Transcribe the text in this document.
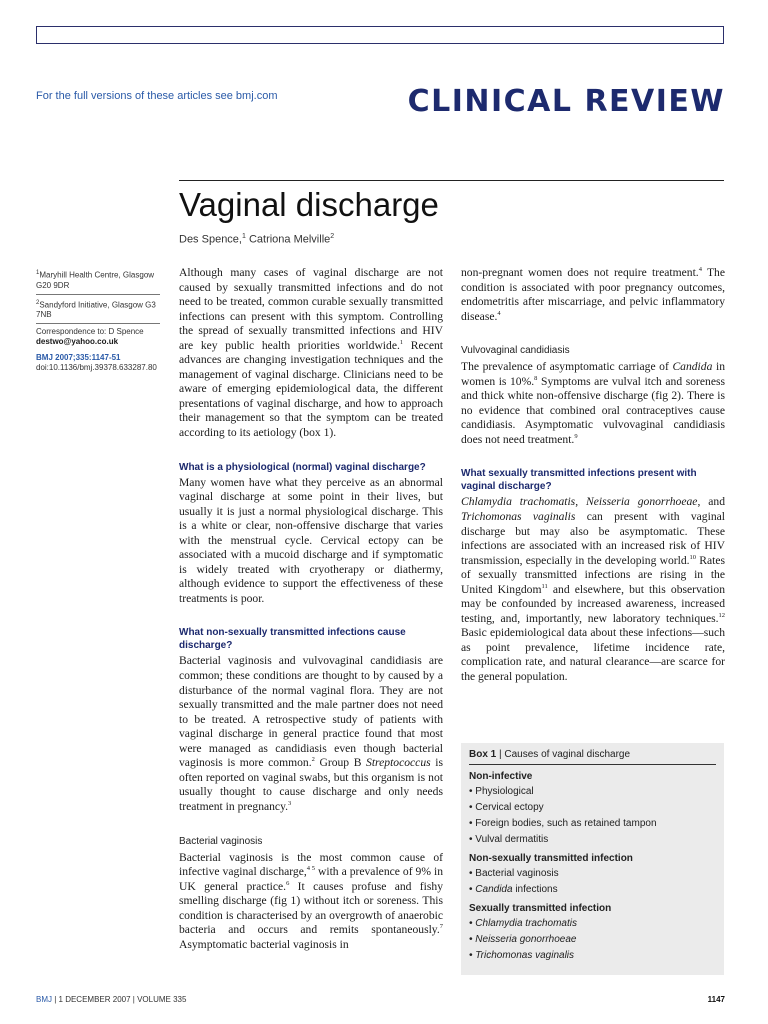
For the full versions of these articles see bmj.com	CLINICAL REVIEW
Vaginal discharge
Des Spence,$^1$ Catriona Melville$^2$
$^1$Maryhill Health Centre, Glasgow G20 9DR
$^2$Sandyford Initiative, Glasgow G3 7NB
Correspondence to: D Spence
destwo@yahoo.co.uk
BMJ 2007;335:1147-51
doi:10.1136/bmj.39378.633287.80

Although many cases of vaginal discharge are not caused by sexually transmitted infections and do not need to be treated, common curable sexually transmitted infections can present with this symptom. Controlling the spread of sexually transmitted infections and HIV are key public health priorities worldwide.$^1$ Recent advances are changing investigation techniques and the management of vaginal discharge. Clinicians need to be aware of emerging epidemiological data, the different presentations of vaginal discharge, and how to approach their management so that the symptom can be treated according to its aetiology (box 1).

What is a physiological (normal) vaginal discharge?

Many women have what they perceive as an abnormal vaginal discharge at some point in their lives, but usually it is just a normal physiological discharge. This is a white or clear, non-offensive discharge that varies with the menstrual cycle. Cervical ectopy can be associated with a mucoid discharge and if symptomatic is widely treated with cryotherapy or diathermy, although evidence to support the effectiveness of these treatments is poor.

What non-sexually transmitted infections cause discharge?

Bacterial vaginosis and vulvovaginal candidiasis are common; these conditions are thought to by caused by a disturbance of the normal vaginal flora. They are not sexually transmitted and the male partner does not need to be treated. A retrospective study of patients with vaginal discharge in general practice found that most were managed as candidiasis even though bacterial vaginosis is more common.$^2$ Group B Streptococcus is often reported on vaginal swabs, but this organism is not usually thought to cause discharge and only needs treatment in pregnancy.$^3$

Bacterial vaginosis

Bacterial vaginosis is the most common cause of infective vaginal discharge,$^{4 5}$ with a prevalence of 9% in UK general practice.$^6$ It causes profuse and fishy smelling discharge (fig 1) without itch or soreness. This condition is characterised by an overgrowth of anaerobic bacteria and occurs and remits spontaneously.$^7$ Asymptomatic bacterial vaginosis in

non-pregnant women does not require treatment.$^4$ The condition is associated with poor pregnancy outcomes, endometritis after miscarriage, and pelvic inflammatory disease.$^4$

Vulvovaginal candidiasis

The prevalence of asymptomatic carriage of Candida in women is 10%.$^8$ Symptoms are vulval itch and soreness and thick white non-offensive discharge (fig 2). There is no evidence that combined oral contraceptives cause candidiasis. Asymptomatic vulvovaginal candidiasis does not need treatment.$^9$

What sexually transmitted infections present with vaginal discharge?

Chlamydia trachomatis, Neisseria gonorrhoeae, and Trichomonas vaginalis can present with vaginal discharge but may also be asymptomatic. These infections are associated with an increased risk of HIV transmission, especially in the developing world.$^{10}$ Rates of sexually transmitted infections are rising in the United Kingdom$^{11}$ and elsewhere, but this observation may be confounded by increased awareness, increased testing, and, importantly, new laboratory techniques.$^{12}$ Basic epidemiological data about these infections—such as point prevalence, lifetime incidence rate, complication rate, and natural clearance—are scarce for the general population.

Box 1 | Causes of vaginal discharge
Non-infective
• Physiological
• Cervical ectopy
• Foreign bodies, such as retained tampon
• Vulval dermatitis
Non-sexually transmitted infection
• Bacterial vaginosis
• Candida infections
Sexually transmitted infection
• Chlamydia trachomatis
• Neisseria gonorrhoeae
• Trichomonas vaginalis
BMJ | 1 DECEMBER 2007 | VOLUME 335	1147
